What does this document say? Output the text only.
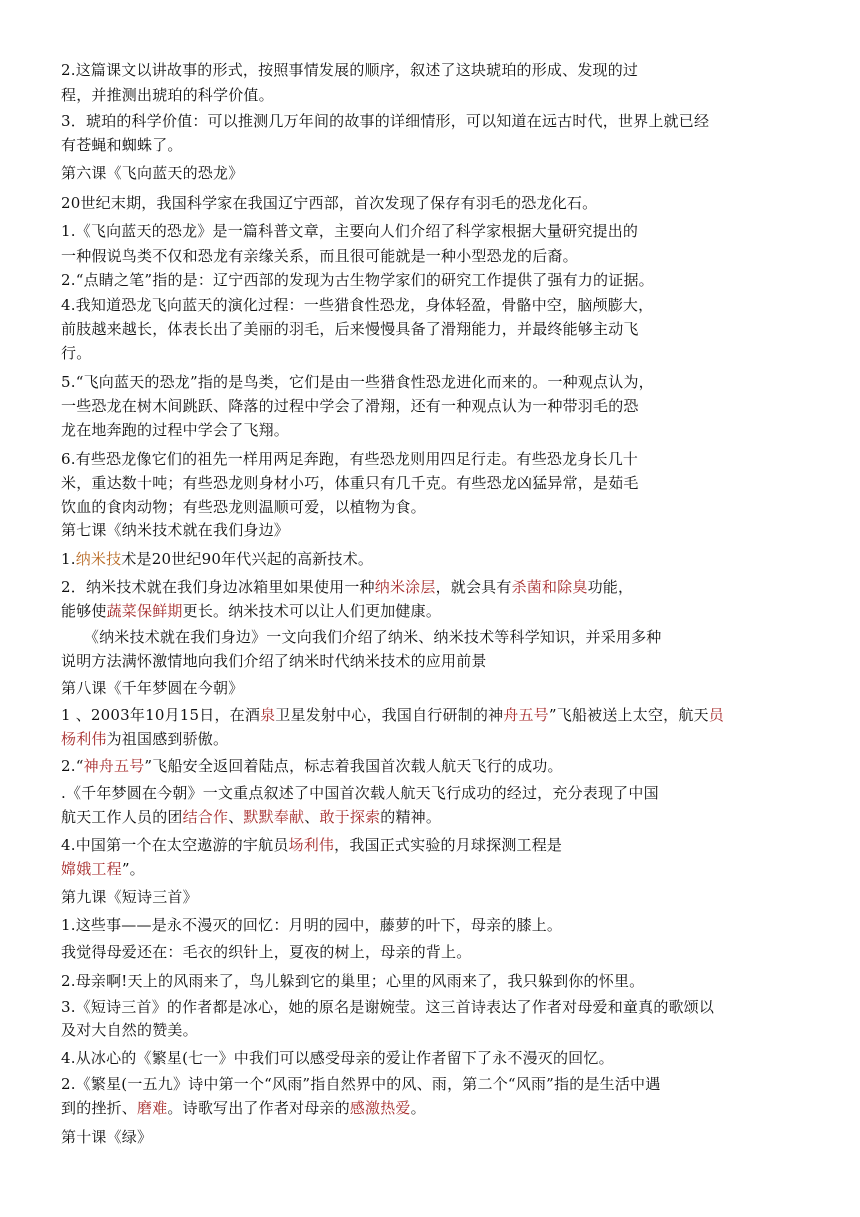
2.这篇课文以讲故事的形式，按照事情发展的顺序，叙述了这块琥珀的形成、发现的过
程，并推测出琥珀的科学价值。
3．琥珀的科学价值：可以推测几万年间的故事的详细情形，可以知道在远古时代，世界上就已经
有苍蝇和蜘蛛了。
第六课《飞向蓝天的恐龙》
20世纪末期，我国科学家在我国辽宁西部，首次发现了保存有羽毛的恐龙化石。
1.《飞向蓝天的恐龙》是一篇科普文章，主要向人们介绍了科学家根据大量研究提出的
一种假说鸟类不仅和恐龙有亲缘关系，而且很可能就是一种小型恐龙的后裔。
2.“点睛之笔”指的是：辽宁西部的发现为古生物学家们的研究工作提供了强有力的证据。
4.我知道恐龙飞向蓝天的演化过程：一些猎食性恐龙，身体轻盈，骨骼中空，脑颅膨大，
前肢越来越长，体表长出了美丽的羽毛，后来慢慢具备了滑翔能力，并最终能够主动飞
行。
5.“飞向蓝天的恐龙”指的是鸟类，它们是由一些猎食性恐龙进化而来的。一种观点认为，
一些恐龙在树木间跳跃、降落的过程中学会了滑翔，还有一种观点认为一种带羽毛的恐
龙在地奔跑的过程中学会了飞翔。
6.有些恐龙像它们的祖先一样用两足奔跑，有些恐龙则用四足行走。有些恐龙身长几十
米，重达数十吨；有些恐龙则身材小巧，体重只有几千克。有些恐龙凶猛异常，是茹毛
饮血的食肉动物；有些恐龙则温顺可爱，以植物为食。
第七课《纳米技术就在我们身边》
1.纳米技术是20世纪90年代兴起的高新技术。
2．纳米技术就在我们身边冰箱里如果使用一种纳米涂层，就会具有杀菌和除臭功能，
能够使蔬菜保鲜期更长。纳米技术可以让人们更加健康。
　　《纳米技术就在我们身边》一文向我们介绍了纳米、纳米技术等科学知识，并采用多种
说明方法满怀激情地向我们介绍了纳米时代纳米技术的应用前景
第八课《千年梦圆在今朝》
1 、2003年10月15日，在酒泉卫星发射中心，我国自行研制的神舟五号”飞船被送上太空，航天员
杨利伟为祖国感到骄傲。
2.“神舟五号”飞船安全返回着陆点，标志着我国首次载人航天飞行的成功。
.《千年梦圆在今朝》一文重点叙述了中国首次载人航天飞行成功的经过，充分表现了中国
航天工作人员的团结合作、默默奉献、敢于探索的精神。
4.中国第一个在太空遨游的宇航员场利伟，我国正式实验的月球探测工程是
嫦娥工程”。
第九课《短诗三首》
1.这些事——是永不漫灭的回忆：月明的园中，藤萝的叶下，母亲的膝上。
我觉得母爱还在：毛衣的织针上，夏夜的树上，母亲的背上。
2.母亲啊!天上的风雨来了，鸟儿躲到它的巢里；心里的风雨来了，我只躲到你的怀里。
3.《短诗三首》的作者都是冰心，她的原名是谢婉莹。这三首诗表达了作者对母爱和童真的歌颂以
及对大自然的赞美。
4.从冰心的《繁星(七一》中我们可以感受母亲的爱让作者留下了永不漫灭的回忆。
2.《繁星(一五九》诗中第一个“风雨”指自然界中的风、雨，第二个“风雨”指的是生活中遇
到的挫折、磨难。诗歌写出了作者对母亲的感激热爱。
第十课《绿》
